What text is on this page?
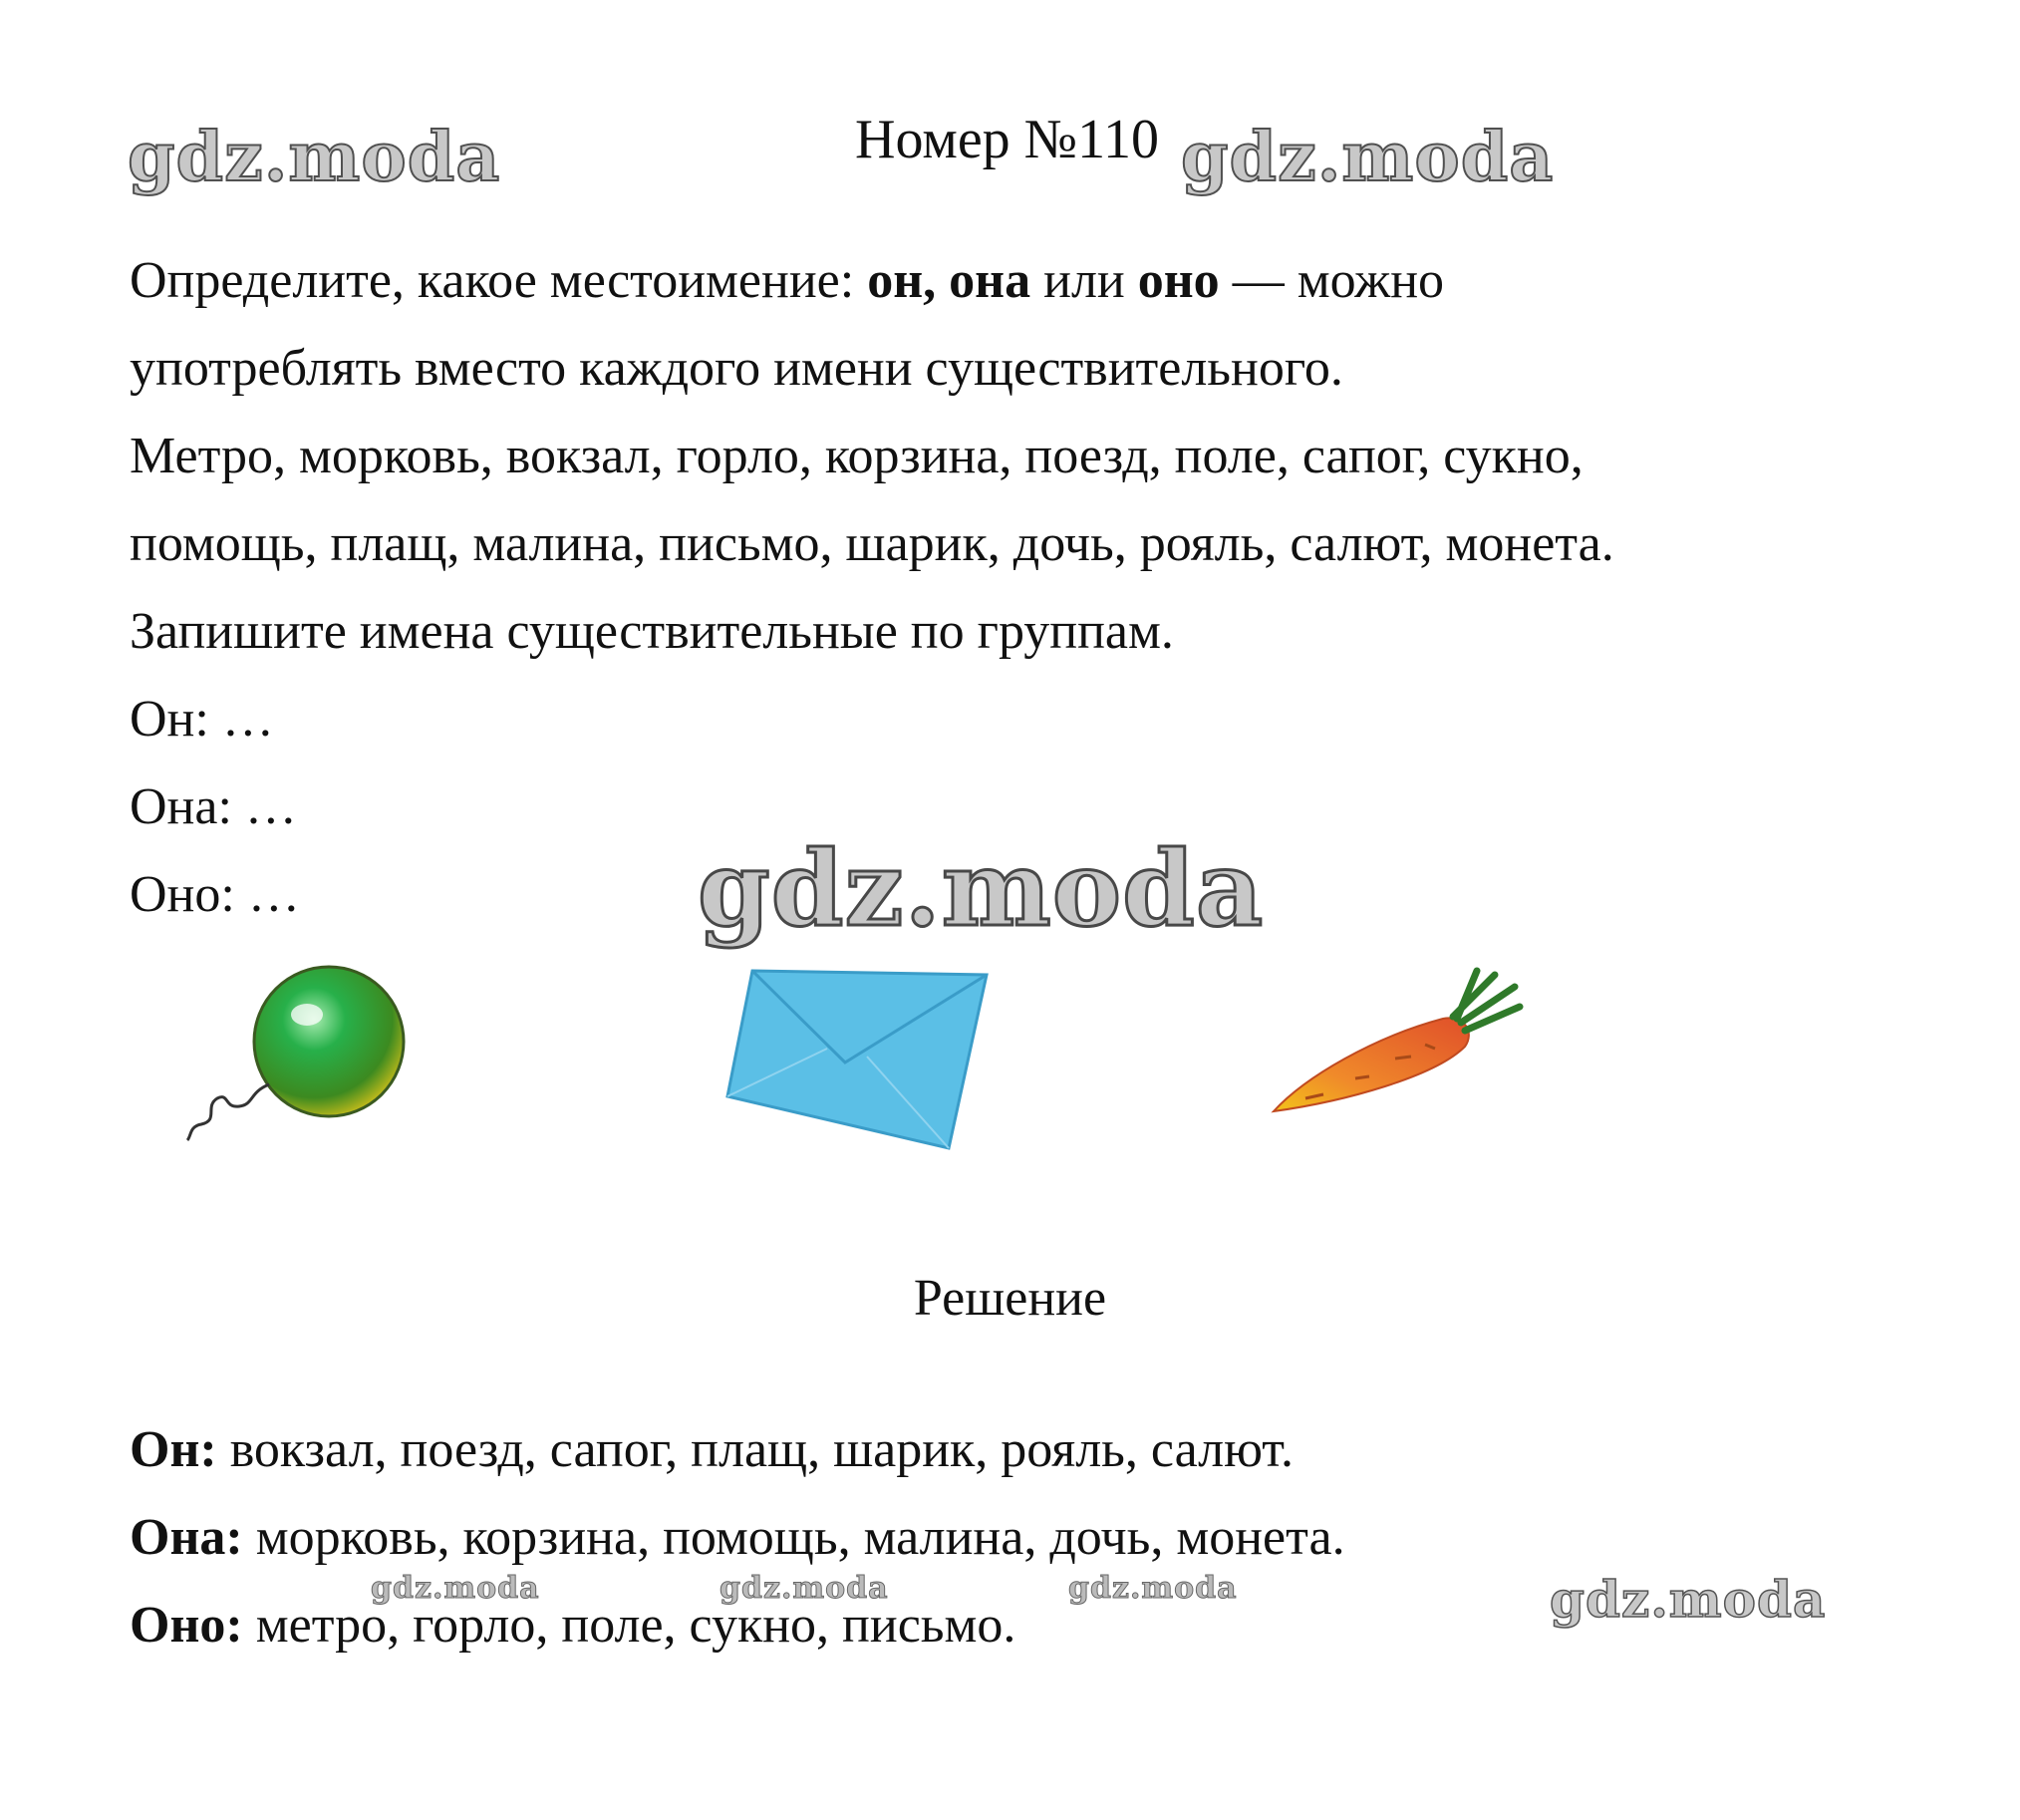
gdz.moda	gdz.moda
gdz.moda
gdz.moda
gdz.moda	gdz.moda	gdz.moda
Номер №110
Определите, какое местоимение: он, она или оно — можно
употреблять вместо каждого имени существительного.
Метро, морковь, вокзал, горло, корзина, поезд, поле, сапог, сукно,
помощь, плащ, малина, письмо, шарик, дочь, рояль, салют, монета.
Запишите имена существительные по группам.
Он: …
Она: …
Оно: …
Решение
Он: вокзал, поезд, сапог, плащ, шарик, рояль, салют.
Она: морковь, корзина, помощь, малина, дочь, монета.
Оно: метро, горло, поле, сукно, письмо.
